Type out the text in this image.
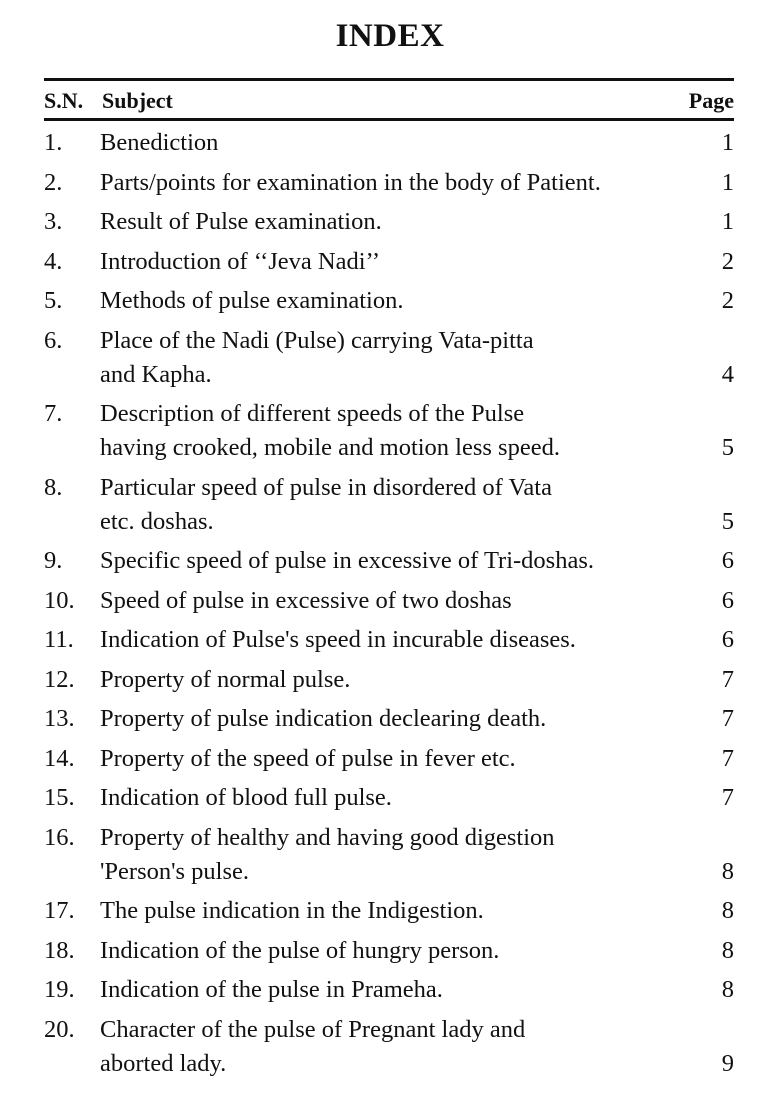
INDEX
S.N. Subject	Page
1.	Benediction	1
2.	Parts/points for examination in the body of Patient.	1
3.	Result of Pulse examination.	1
4.	Introduction of ‘‘Jeva Nadi’’	2
5.	Methods of pulse examination.	2
6.	Place of the Nadi (Pulse) carrying Vata-pitta
and Kapha.	4
7.	Description of different speeds of the Pulse
having crooked, mobile and motion less speed.	5
8.	Particular speed of pulse in disordered of Vata
etc. doshas.	5
9.	Specific speed of pulse in excessive of Tri-doshas.	6
10.	Speed of pulse in excessive of two doshas	6
11.	Indication of Pulse's speed in incurable diseases.	6
12.	Property of normal pulse.	7
13.	Property of pulse indication declearing death.	7
14.	Property of the speed of pulse in fever etc.	7
15.	Indication of blood full pulse.	7
16.	Property of healthy and having good digestion
'Person's pulse.	8
17.	The pulse indication in the Indigestion.	8
18.	Indication of the pulse of hungry person.	8
19.	Indication of the pulse in Prameha.	8
20.	Character of the pulse of Pregnant lady and
aborted lady.	9
